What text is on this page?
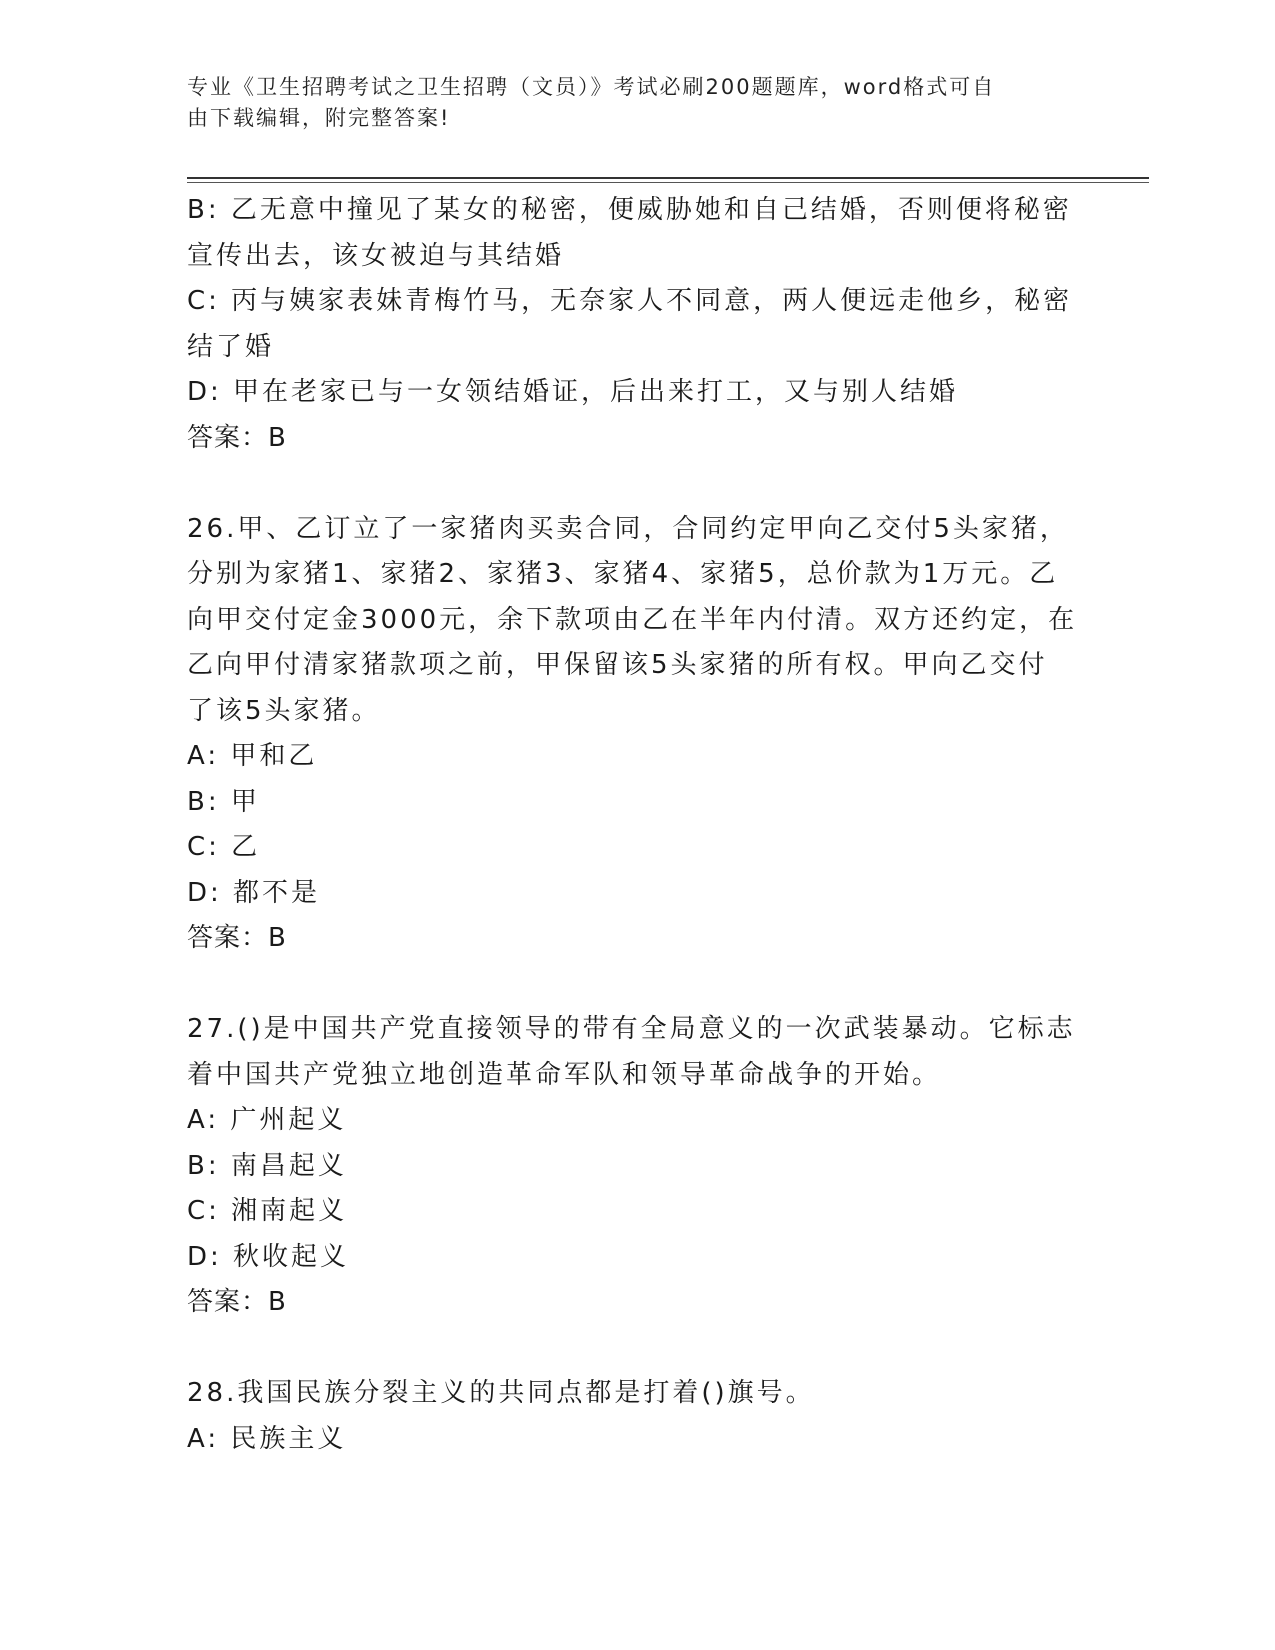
专业《卫生招聘考试之卫生招聘（文员）》考试必刷200题题库，word格式可自
由下载编辑，附完整答案!
B: 乙无意中撞见了某女的秘密，便威胁她和自己结婚，否则便将秘密
宣传出去，该女被迫与其结婚
C: 丙与姨家表妹青梅竹马，无奈家人不同意，两人便远走他乡，秘密
结了婚
D: 甲在老家已与一女领结婚证，后出来打工，又与别人结婚
答案：B
26.甲、乙订立了一家猪肉买卖合同，合同约定甲向乙交付5头家猪，
分别为家猪1、家猪2、家猪3、家猪4、家猪5，总价款为1万元。乙
向甲交付定金3000元，余下款项由乙在半年内付清。双方还约定，在
乙向甲付清家猪款项之前，甲保留该5头家猪的所有权。甲向乙交付
了该5头家猪。
A: 甲和乙
B: 甲
C: 乙
D: 都不是
答案：B
27.()是中国共产党直接领导的带有全局意义的一次武装暴动。它标志
着中国共产党独立地创造革命军队和领导革命战争的开始。
A: 广州起义
B: 南昌起义
C: 湘南起义
D: 秋收起义
答案：B
28.我国民族分裂主义的共同点都是打着()旗号。
A: 民族主义
